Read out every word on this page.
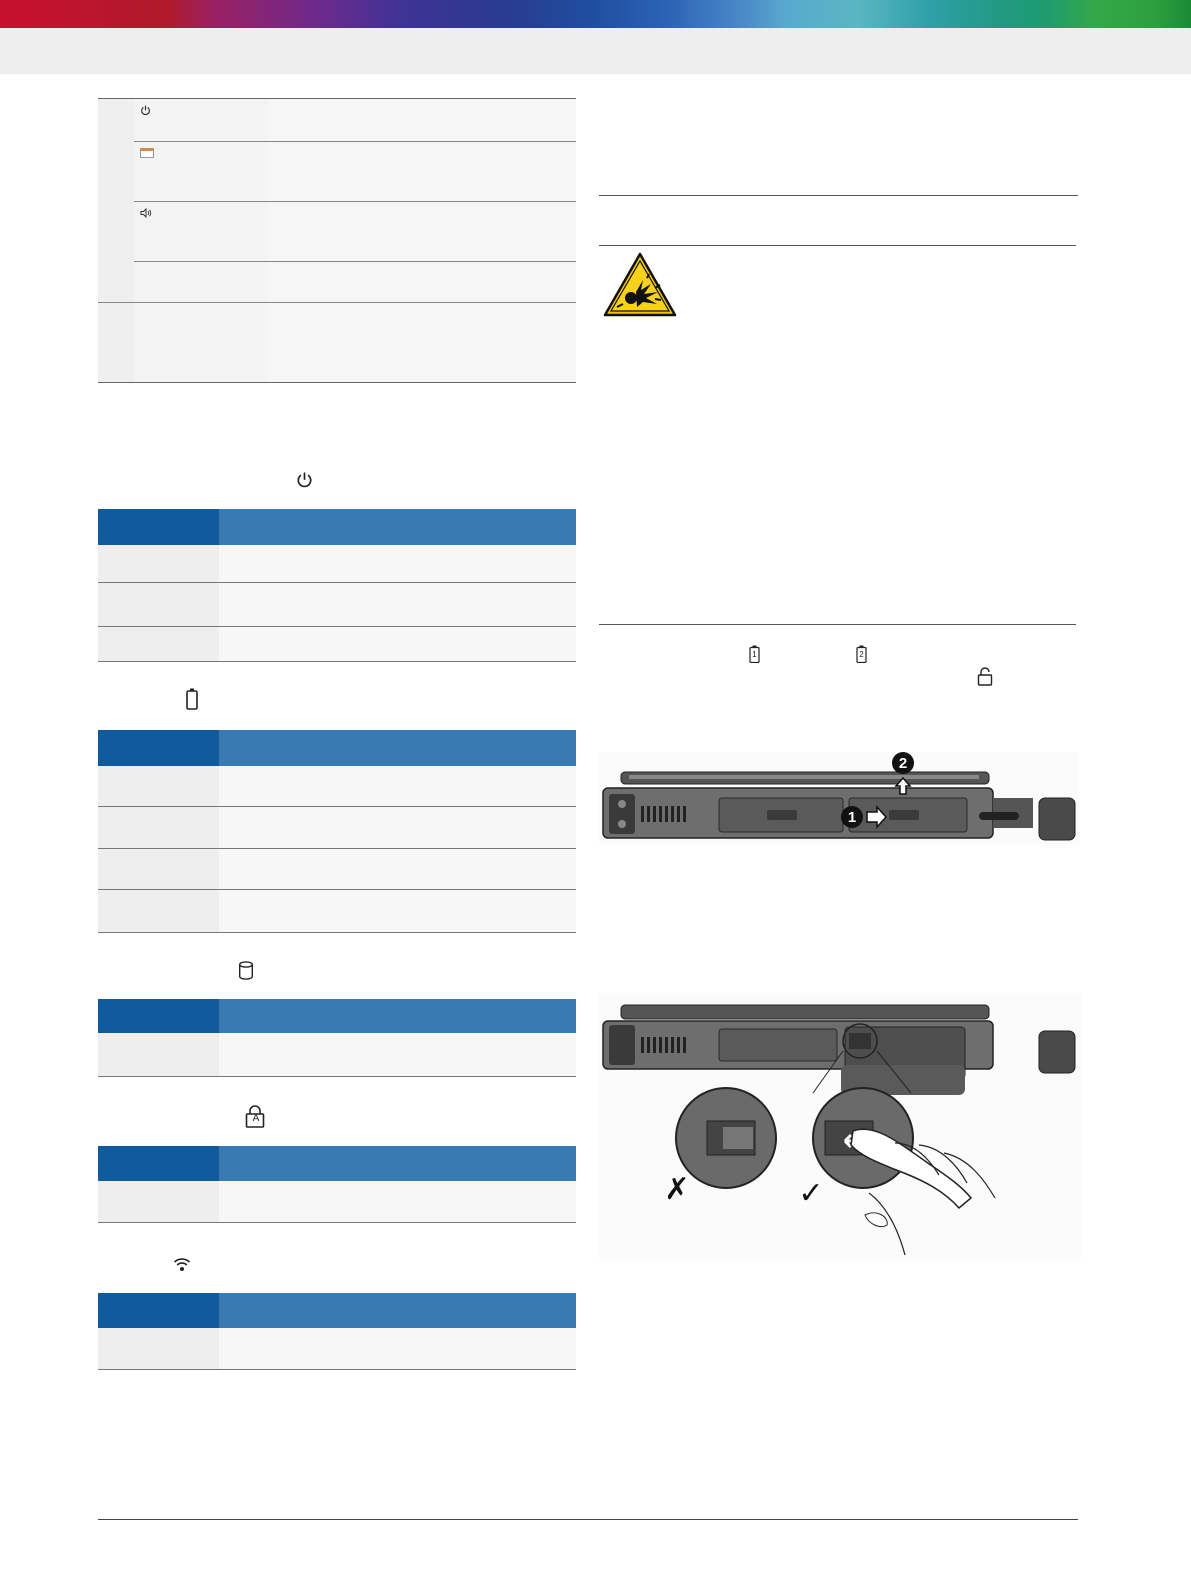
A
1	2
2
1
✗	✓
